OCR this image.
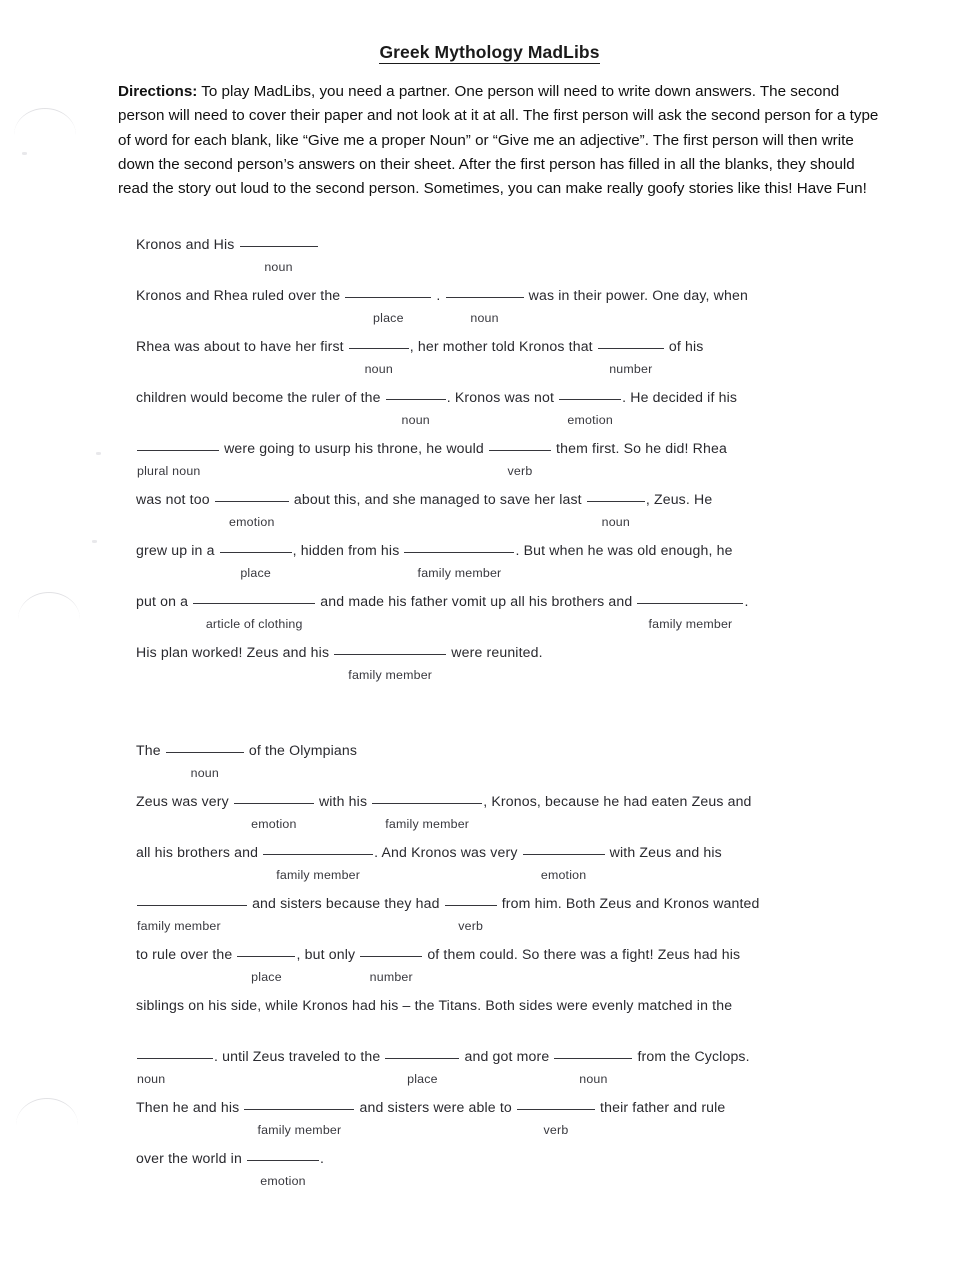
Greek Mythology MadLibs
Directions: To play MadLibs, you need a partner. One person will need to write down answers. The second person will need to cover their paper and not look at it at all. The first person will ask the second person for a type of word for each blank, like “Give me a proper Noun” or “Give me an adjective”. The first person will then write down the second person’s answers on their sheet. After the first person has filled in all the blanks, they should read the story out loud to the second person. Sometimes, you can make really goofy stories like this! Have Fun!
Kronos and His
noun
Kronos and Rhea ruled over the
place
.
noun
was in their power. One day, when
Rhea was about to have her first
noun
, her mother told Kronos that
number
of his
children would become the ruler of the
noun
. Kronos was not
emotion
. He decided if his
plural noun
were going to usurp his throne, he would
verb
them first. So he did! Rhea
was not too
emotion
about this, and she managed to save her last
noun
, Zeus. He
grew up in a
place
, hidden from his
family member
. But when he was old enough, he
put on a
article of clothing
and made his father vomit up all his brothers and
family member
.
His plan worked! Zeus and his
family member
were reunited.
The
noun
of the Olympians
Zeus was very
emotion
with his
family member
, Kronos, because he had eaten Zeus and
all his brothers and
family member
. And Kronos was very
emotion
with Zeus and his
family member
and sisters because they had
verb
from him. Both Zeus and Kronos wanted
to rule over the
place
, but only
number
of them could. So there was a fight! Zeus had his
siblings on his side, while Kronos had his – the Titans. Both sides were evenly matched in the
noun
. until Zeus traveled to the
place
and got more
noun
from the Cyclops.
Then he and his
family member
and sisters were able to
verb
their father and rule
over the world in
emotion
.
